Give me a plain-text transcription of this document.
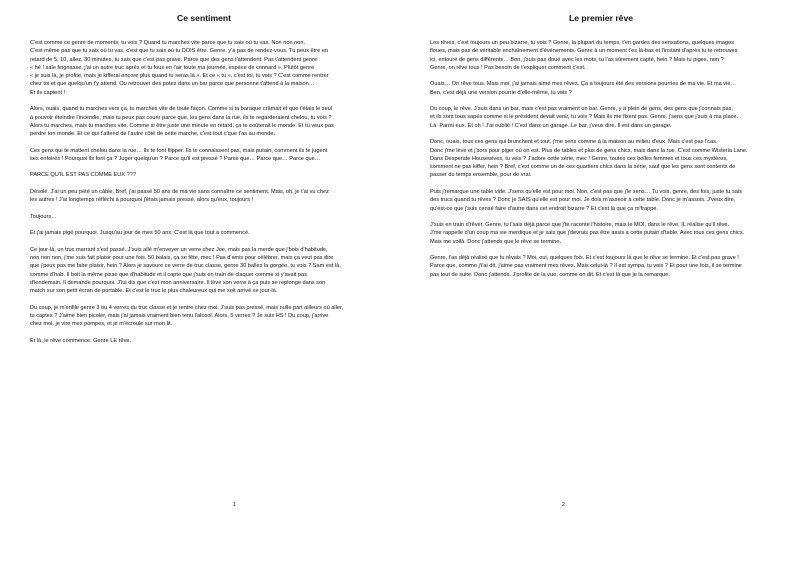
Ce sentiment

C'est comme ce genre de moments, tu vois ? Quand tu marches vite parce que tu sais où tu vas. Non non non.
C'est même pas que tu sais où tu vas, c'est que tu sais où tu DOIS être. Genre, y'a pas de rendez-vous. Tu peux être en
retard de 5, 10, allez, 30 minutes, tu sais que c'est pas grave. Parce que des gens t'attendent. Pas t'attendent genre
« hé ! sale feignasse, j'ai un autre truc après et tu fous en l'air toute ma journée, espèce de connard ». Plutôt genre
« je suis là, je profite, mais je kifferai encore plus quand tu seras là ». Et ce « tu », c'est toi, tu vois ? C'est comme rentrer
chez toi et que quelqu'un t'y attend. Ou retrouver des potes dans un bar parce que personne t'attend à la maison…
Et ils captent !

Alors, ouais, quand tu marches vers ça, tu marches vite de toute façon. Comme si ta baraque crâmait et que t'étais le seul
à pouvoir éteindre l'incendie, mais tu peux pas courir parce que, les gens dans la rue, ils te regarderaient chelou, tu vois ?
Alors tu marches, mais tu marches vite. Comme si être juste une minute en retard, ça te coûterait le monde. Et tu veux pas
perdre ton monde. Et ce qui t'attend de l'autre côté de cette marche, c'est tout c'que t'as au monde.

Ces gens qui te mattent chelou dans la rue… Ils te font flipper. Ils te connaissent pas, mais putain, comment ils te jugent
ces enfoirés ! Pourquoi ils font ça ? Juger quelqu'un ? Parce qu'il est pressé ? Parce que… Parce que… Parce que…

PARCE QU'IL EST PAS COMME EUX ???

Désolé. J'ai un peu pété un câble. Bref, j'ai passé 50 ans de ma vie sans connaître ce sentiment. Mais, oh, je t'ai vu chez
les autres ! J'ai longtemps réfléchi à pourquoi j'étais jamais pressé, alors qu'eux, toujours !

Toujours…

Et j'ai jamais pigé pourquoi. Jusqu'au jour de mes 50 ans. C'est là que tout a commencé.

Ce jour-là, un truc marrant s'est passé. J'suis allé m'envoyer un verre chez Joe, mais pas la merde que j'bois d'habitude,
non non non, j'me suis fait plaisir pour une fois. 50 balais, ça se fête, mec ! Pas d'amis pour célébrer, mais ça veut pas dire
que j'peux pas me faire plaisir, hein ? Alors je savoure ce verre de truc classe, genre 30 balles la gorgée, tu vois ? Sam est là,
comme d'hab. Il boit la même pisse que d'habitude et il capte que j'suis en train de claquer comme si y'avait pas
d'lendemain. Il demande pourquoi. J'lui dis que c'est mon anniversaire. Il lève son verre à ça puis se replonge dans son
match sur son petit écran de portable. Et c'est le truc le plus chaleureux qui me soit arrivé ce jour-là.

Du coup, je m'enfile genre 3 ou 4 verres du truc classe et je rentre chez moi. J'suis pas pressé, mais nulle part ailleurs où aller,
tu captes ? J'aime bien picoler, mais j'ai jamais vraiment bien tenu l'alcool. Alors, 5 verres ? Je suis HS ! Du coup, j'arrive
chez moi, je vire mes pompes, et je m'écroule sur mon lit.

Et là, le rêve commence. Genre LE rêve.

1
Le premier rêve

Les rêves, c'est toujours un peu bizarre, tu vois ? Genre, la plupart du temps, t'en gardes des sensations, quelques images
floues, mais pas de véritable enchaînement d'événements. Genre à un moment t'es là-bas et l'instant d'après tu te retrouves
ici, entouré de gens différents… Bon, j'suis pas doué avec les mots, tu l'as sûrement capté, hein ? Mais tu piges, non ?
Genre, on rêve tous ! Pas besoin de t'expliquer comment c'est.

Ouais… On rêve tous. Mais moi, j'ai jamais aimé mes rêves. Ça a toujours été des versions pourries de ma vie. Et ma vie…
Ben, c'est déjà une version pourrie d'elle-même, tu vois ?

Du coup, le rêve. J'suis dans un bar, mais c'est pas vraiment un bar. Genre, y a plein de gens, des gens que j'connais pas,
et ils sont tous sapés comme si le président devait venir, tu vois ? Mais ils me fixent pas. Genre, j'sens que j'suis à ma place.
Là. Parmi eux. Et oh ! J'ai oublié ! C'est dans un garage. Le bar, j'veux dire. Il est dans un garage.

Donc, ouais, tous ces gens qui brunchent et tout, j'me sens comme à la maison au milieu d'eux. Mais c'est pas l'cas.
Donc j'me lève et j'sors pour piger où on est. Plus de tables et plus de gens chics, mais dans la rue. C'est comme Wisteria Lane.
Dans Desperate Housewives, tu vois ? J'adore cette série, mec ! Genre, toutes ces belles femmes et tous ces mystères,
comment ne pas kiffer, hein ? Bref, c'est comme un de ces quartiers chics dans la série, sauf que les gens sont contents de
passer du temps ensemble, pour de vrai.

Puis j'remarque une table vide. J'sens qu'elle est pour moi. Non, c'est pas que j'le sens… Tu vois, genre, des fois, juste tu sais
des trucs quand tu rêves ? Donc je SAIS qu'elle est pour moi. Je dois m'asseoir à cette table. Donc je m'assois. J'veux dire,
qu'est-ce que j'suis censé faire d'autre dans cet endroit bizarre ? Et c'est là que ça m'frappe.

J'suis en train d'rêver. Genre, tu l'sais déjà parce que j'te raconte l'histoire, mais le MOI, dans le rêve, IL réalise qu'il rêve.
J'me rappelle d'un coup ma vie merdique et je sais que j'devrais pas être assis à cette putain d'table. Avec tous ces gens chics.
Mais me voilà. Donc j'attends que le rêve se termine.

Genre, t'as déjà réalisé que tu rêvais ? Moi, oui, quelques fois. Et c'est toujours là que le rêve se termine. Et c'est pas grave !
Parce que, comme j't'ai dit, j'aime pas vraiment mes rêves. Mais celui-là ? Il est sympa, tu vois ? Et pour une fois, il se termine
pas tout de suite. Donc j'attends. J'profite de la vue, comme on dit. Et c'est là que je la remarque.

2
